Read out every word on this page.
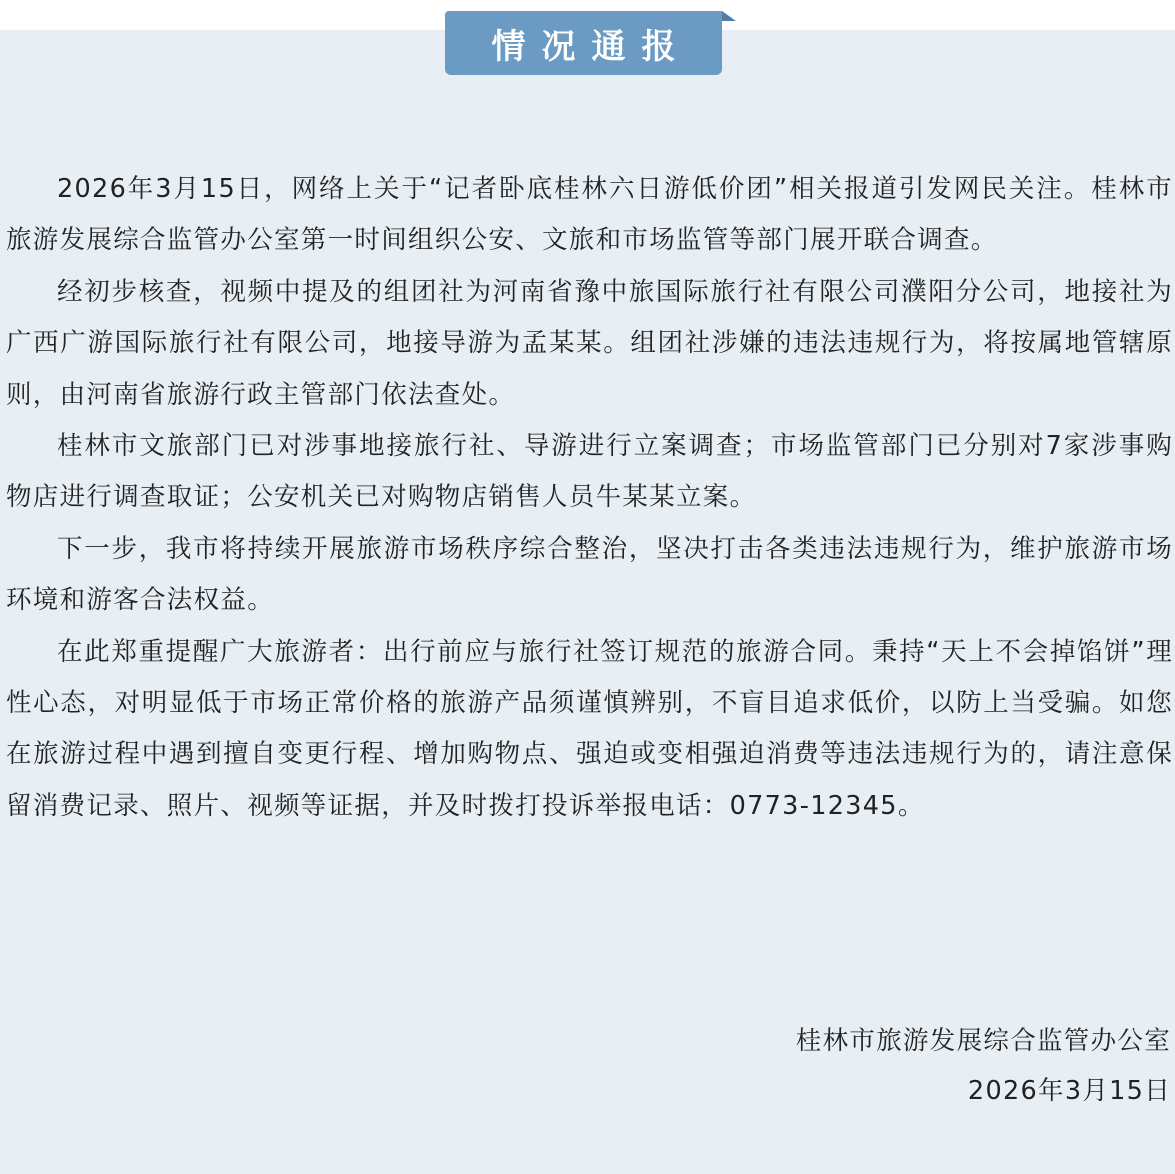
情况通报

2026年3月15日，网络上关于“记者卧底桂林六日游低价团”相关报道引发网民关注。桂林市旅游发展综合监管办公室第一时间组织公安、文旅和市场监管等部门展开联合调查。

经初步核查，视频中提及的组团社为河南省豫中旅国际旅行社有限公司濮阳分公司，地接社为广西广游国际旅行社有限公司，地接导游为孟某某。组团社涉嫌的违法违规行为，将按属地管辖原则，由河南省旅游行政主管部门依法查处。

桂林市文旅部门已对涉事地接旅行社、导游进行立案调查；市场监管部门已分别对7家涉事购物店进行调查取证；公安机关已对购物店销售人员牛某某立案。

下一步，我市将持续开展旅游市场秩序综合整治，坚决打击各类违法违规行为，维护旅游市场环境和游客合法权益。

在此郑重提醒广大旅游者：出行前应与旅行社签订规范的旅游合同。秉持“天上不会掉馅饼”理性心态，对明显低于市场正常价格的旅游产品须谨慎辨别，不盲目追求低价，以防上当受骗。如您在旅游过程中遇到擅自变更行程、增加购物点、强迫或变相强迫消费等违法违规行为的，请注意保留消费记录、照片、视频等证据，并及时拨打投诉举报电话：0773-12345。

桂林市旅游发展综合监管办公室
2026年3月15日
